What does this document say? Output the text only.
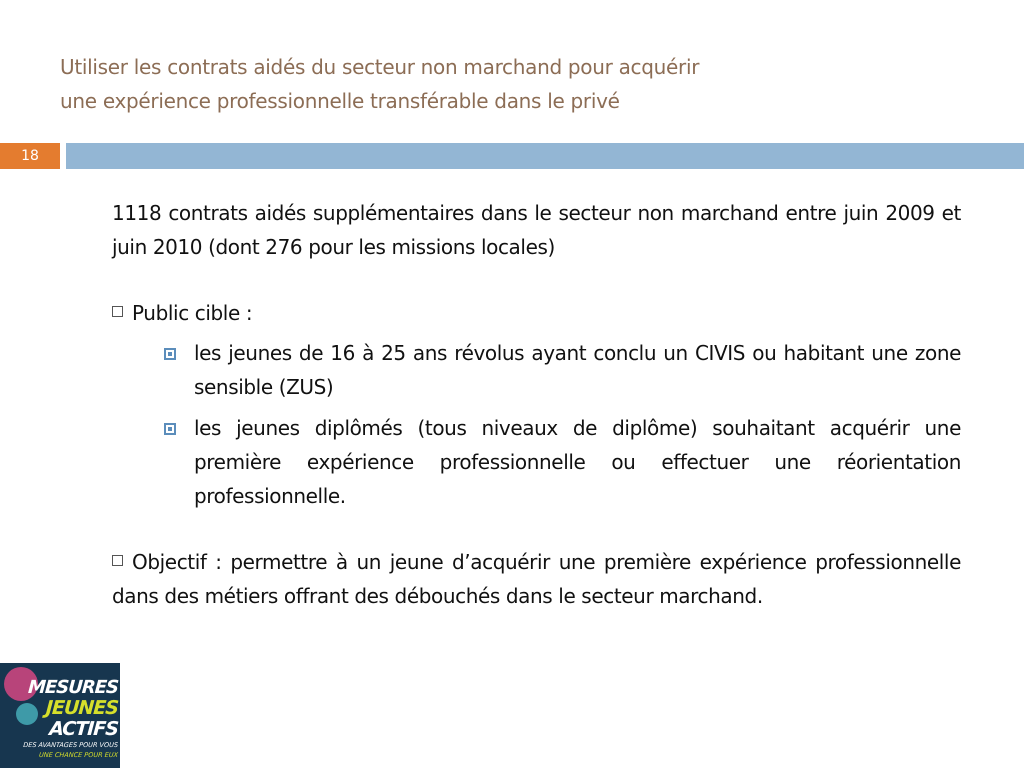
Utiliser les contrats aidés du secteur non marchand pour acquérir
une expérience professionnelle transférable dans le privé
18

1118 contrats aidés supplémentaires dans le secteur non marchand entre juin 2009 et juin 2010 (dont 276 pour les missions locales)

Public cible :

les jeunes de 16 à 25 ans révolus ayant conclu un CIVIS ou habitant une zone sensible (ZUS)
les jeunes diplômés (tous niveaux de diplôme) souhaitant acquérir une première expérience professionnelle ou effectuer une réorientation professionnelle.

Objectif : permettre à un jeune d’acquérir une première expérience professionnelle dans des métiers offrant des débouchés dans le secteur marchand.

MESURES
JEUNES
ACTIFS
DES AVANTAGES POUR VOUS
UNE CHANCE POUR EUX
